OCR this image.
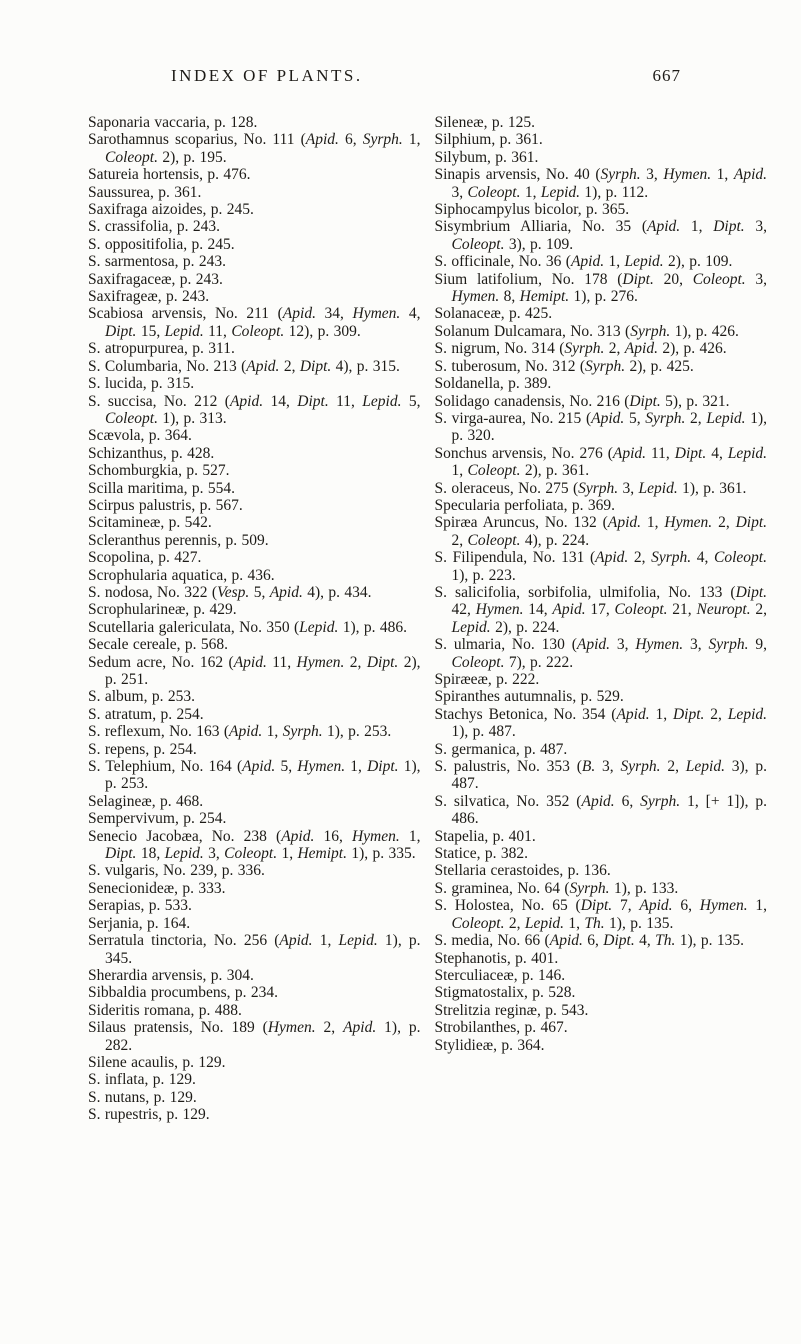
INDEX OF PLANTS.	667

Saponaria vaccaria, p. 128.

Sarothamnus scoparius, No. 111 (Apid. 6, Syrph. 1, Coleopt. 2), p. 195.

Satureia hortensis, p. 476.

Saussurea, p. 361.

Saxifraga aizoides, p. 245.

S. crassifolia, p. 243.

S. oppositifolia, p. 245.

S. sarmentosa, p. 243.

Saxifragaceæ, p. 243.

Saxifrageæ, p. 243.

Scabiosa arvensis, No. 211 (Apid. 34, Hymen. 4, Dipt. 15, Lepid. 11, Coleopt. 12), p. 309.

S. atropurpurea, p. 311.

S. Columbaria, No. 213 (Apid. 2, Dipt. 4), p. 315.

S. lucida, p. 315.

S. succisa, No. 212 (Apid. 14, Dipt. 11, Lepid. 5, Coleopt. 1), p. 313.

Scævola, p. 364.

Schizanthus, p. 428.

Schomburgkia, p. 527.

Scilla maritima, p. 554.

Scirpus palustris, p. 567.

Scitamineæ, p. 542.

Scleranthus perennis, p. 509.

Scopolina, p. 427.

Scrophularia aquatica, p. 436.

S. nodosa, No. 322 (Vesp. 5, Apid. 4), p. 434.

Scrophularineæ, p. 429.

Scutellaria galericulata, No. 350 (Lepid. 1), p. 486.

Secale cereale, p. 568.

Sedum acre, No. 162 (Apid. 11, Hymen. 2, Dipt. 2), p. 251.

S. album, p. 253.

S. atratum, p. 254.

S. reflexum, No. 163 (Apid. 1, Syrph. 1), p. 253.

S. repens, p. 254.

S. Telephium, No. 164 (Apid. 5, Hymen. 1, Dipt. 1), p. 253.

Selagineæ, p. 468.

Sempervivum, p. 254.

Senecio Jacobæa, No. 238 (Apid. 16, Hymen. 1, Dipt. 18, Lepid. 3, Coleopt. 1, Hemipt. 1), p. 335.

S. vulgaris, No. 239, p. 336.

Senecionideæ, p. 333.

Serapias, p. 533.

Serjania, p. 164.

Serratula tinctoria, No. 256 (Apid. 1, Lepid. 1), p. 345.

Sherardia arvensis, p. 304.

Sibbaldia procumbens, p. 234.

Sideritis romana, p. 488.

Silaus pratensis, No. 189 (Hymen. 2, Apid. 1), p. 282.

Silene acaulis, p. 129.

S. inflata, p. 129.

S. nutans, p. 129.

S. rupestris, p. 129.

Sileneæ, p. 125.

Silphium, p. 361.

Silybum, p. 361.

Sinapis arvensis, No. 40 (Syrph. 3, Hymen. 1, Apid. 3, Coleopt. 1, Lepid. 1), p. 112.

Siphocampylus bicolor, p. 365.

Sisymbrium Alliaria, No. 35 (Apid. 1, Dipt. 3, Coleopt. 3), p. 109.

S. officinale, No. 36 (Apid. 1, Lepid. 2), p. 109.

Sium latifolium, No. 178 (Dipt. 20, Coleopt. 3, Hymen. 8, Hemipt. 1), p. 276.

Solanaceæ, p. 425.

Solanum Dulcamara, No. 313 (Syrph. 1), p. 426.

S. nigrum, No. 314 (Syrph. 2, Apid. 2), p. 426.

S. tuberosum, No. 312 (Syrph. 2), p. 425.

Soldanella, p. 389.

Solidago canadensis, No. 216 (Dipt. 5), p. 321.

S. virga-aurea, No. 215 (Apid. 5, Syrph. 2, Lepid. 1), p. 320.

Sonchus arvensis, No. 276 (Apid. 11, Dipt. 4, Lepid. 1, Coleopt. 2), p. 361.

S. oleraceus, No. 275 (Syrph. 3, Lepid. 1), p. 361.

Specularia perfoliata, p. 369.

Spiræa Aruncus, No. 132 (Apid. 1, Hymen. 2, Dipt. 2, Coleopt. 4), p. 224.

S. Filipendula, No. 131 (Apid. 2, Syrph. 4, Coleopt. 1), p. 223.

S. salicifolia, sorbifolia, ulmifolia, No. 133 (Dipt. 42, Hymen. 14, Apid. 17, Coleopt. 21, Neuropt. 2, Lepid. 2), p. 224.

S. ulmaria, No. 130 (Apid. 3, Hymen. 3, Syrph. 9, Coleopt. 7), p. 222.

Spiræeæ, p. 222.

Spiranthes autumnalis, p. 529.

Stachys Betonica, No. 354 (Apid. 1, Dipt. 2, Lepid. 1), p. 487.

S. germanica, p. 487.

S. palustris, No. 353 (B. 3, Syrph. 2, Lepid. 3), p. 487.

S. silvatica, No. 352 (Apid. 6, Syrph. 1, [+ 1]), p. 486.

Stapelia, p. 401.

Statice, p. 382.

Stellaria cerastoides, p. 136.

S. graminea, No. 64 (Syrph. 1), p. 133.

S. Holostea, No. 65 (Dipt. 7, Apid. 6, Hymen. 1, Coleopt. 2, Lepid. 1, Th. 1), p. 135.

S. media, No. 66 (Apid. 6, Dipt. 4, Th. 1), p. 135.

Stephanotis, p. 401.

Sterculiaceæ, p. 146.

Stigmatostalix, p. 528.

Strelitzia reginæ, p. 543.

Strobilanthes, p. 467.

Stylidieæ, p. 364.
